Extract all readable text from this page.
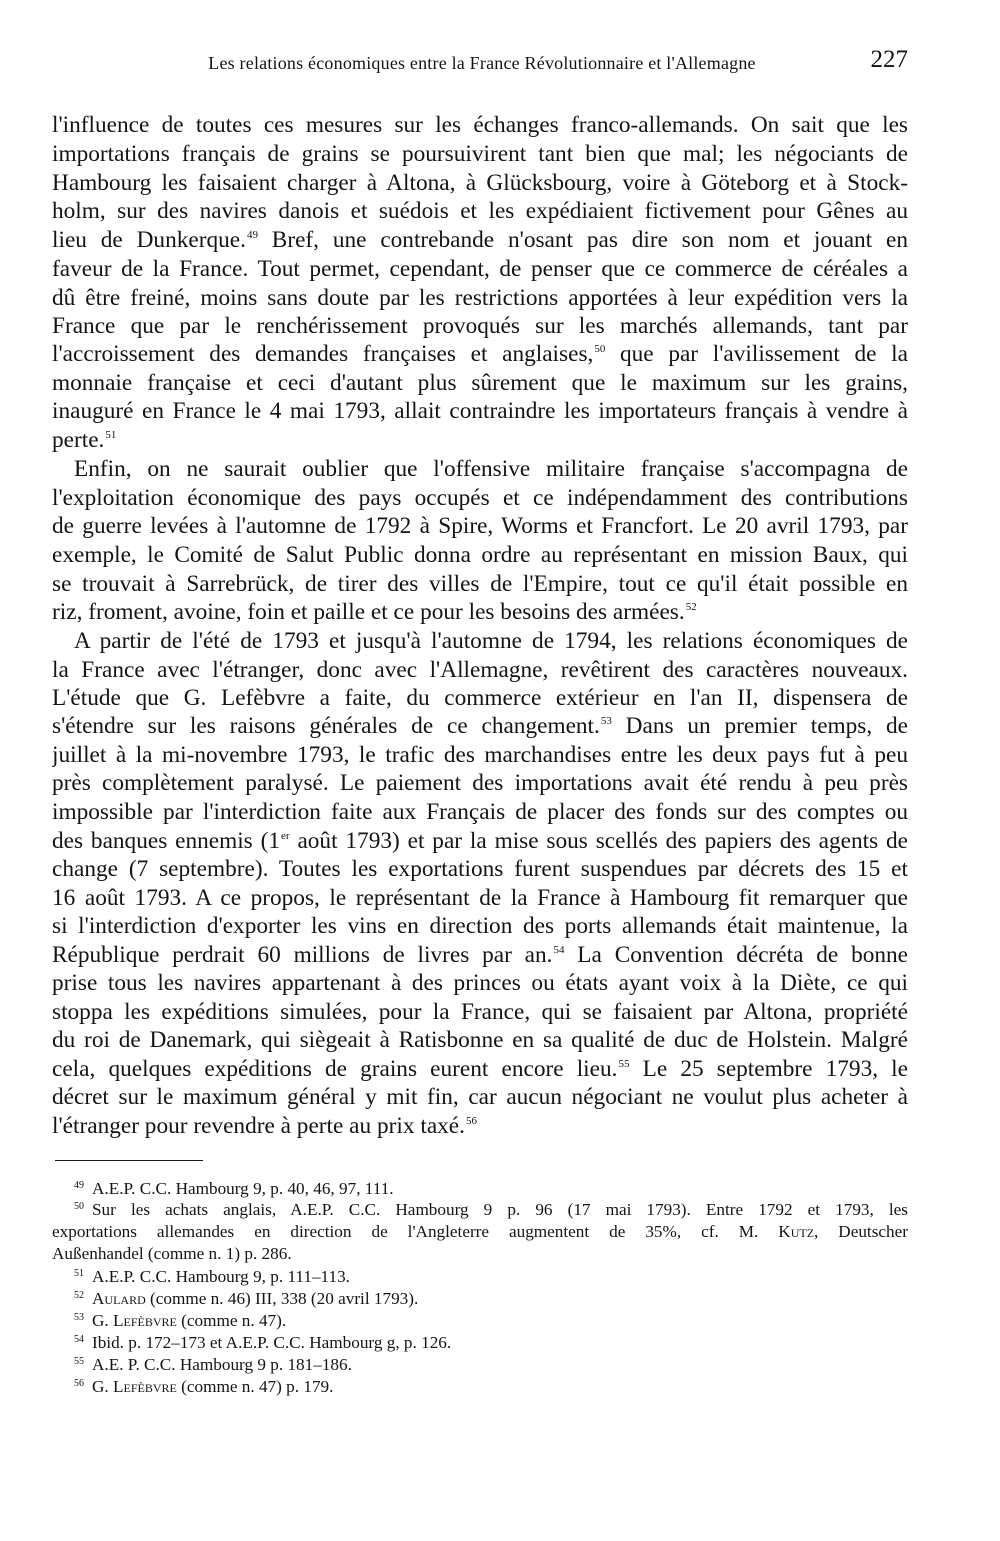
Les relations économiques entre la France Révolutionnaire et l'Allemagne	227
l'influence de toutes ces mesures sur les échanges franco-allemands. On sait que les
importations français de grains se poursuivirent tant bien que mal; les négociants de
Hambourg les faisaient charger à Altona, à Glücksbourg, voire à Göteborg et à Stock-
holm, sur des navires danois et suédois et les expédiaient fictivement pour Gênes au
lieu de Dunkerque.$^{49}$ Bref, une contrebande n'osant pas dire son nom et jouant en
faveur de la France. Tout permet, cependant, de penser que ce commerce de céréales a
dû être freiné, moins sans doute par les restrictions apportées à leur expédition vers la
France que par le renchérissement provoqués sur les marchés allemands, tant par
l'accroissement des demandes françaises et anglaises,$^{50}$ que par l'avilissement de la
monnaie française et ceci d'autant plus sûrement que le maximum sur les grains,
inauguré en France le 4 mai 1793, allait contraindre les importateurs français à vendre à
perte.$^{51}$
Enfin, on ne saurait oublier que l'offensive militaire française s'accompagna de
l'exploitation économique des pays occupés et ce indépendamment des contributions
de guerre levées à l'automne de 1792 à Spire, Worms et Francfort. Le 20 avril 1793, par
exemple, le Comité de Salut Public donna ordre au représentant en mission Baux, qui
se trouvait à Sarrebrück, de tirer des villes de l'Empire, tout ce qu'il était possible en
riz, froment, avoine, foin et paille et ce pour les besoins des armées.$^{52}$
A partir de l'été de 1793 et jusqu'à l'automne de 1794, les relations économiques de
la France avec l'étranger, donc avec l'Allemagne, revêtirent des caractères nouveaux.
L'étude que G. Lefèbvre a faite, du commerce extérieur en l'an II, dispensera de
s'étendre sur les raisons générales de ce changement.$^{53}$ Dans un premier temps, de
juillet à la mi-novembre 1793, le trafic des marchandises entre les deux pays fut à peu
près complètement paralysé. Le paiement des importations avait été rendu à peu près
impossible par l'interdiction faite aux Français de placer des fonds sur des comptes ou
des banques ennemis (1er août 1793) et par la mise sous scellés des papiers des agents de
change (7 septembre). Toutes les exportations furent suspendues par décrets des 15 et
16 août 1793. A ce propos, le représentant de la France à Hambourg fit remarquer que
si l'interdiction d'exporter les vins en direction des ports allemands était maintenue, la
République perdrait 60 millions de livres par an.$^{54}$ La Convention décréta de bonne
prise tous les navires appartenant à des princes ou états ayant voix à la Diète, ce qui
stoppa les expéditions simulées, pour la France, qui se faisaient par Altona, propriété
du roi de Danemark, qui siègeait à Ratisbonne en sa qualité de duc de Holstein. Malgré
cela, quelques expéditions de grains eurent encore lieu.$^{55}$ Le 25 septembre 1793, le
décret sur le maximum général y mit fin, car aucun négociant ne voulut plus acheter à
l'étranger pour revendre à perte au prix taxé.$^{56}$
$^{49}$ A.E.P. C.C. Hambourg 9, p. 40, 46, 97, 111.
$^{50}$ Sur les achats anglais, A.E.P. C.C. Hambourg 9 p. 96 (17 mai 1793). Entre 1792 et 1793, les
exportations allemandes en direction de l'Angleterre augmentent de 35%, cf. M. Kutz, Deutscher
Außenhandel (comme n. 1) p. 286.
$^{51}$ A.E.P. C.C. Hambourg 9, p. 111–113.
$^{52}$ Aulard (comme n. 46) III, 338 (20 avril 1793).
$^{53}$ G. Lefèbvre (comme n. 47).
$^{54}$ Ibid. p. 172–173 et A.E.P. C.C. Hambourg g, p. 126.
$^{55}$ A.E. P. C.C. Hambourg 9 p. 181–186.
$^{56}$ G. Lefèbvre (comme n. 47) p. 179.
